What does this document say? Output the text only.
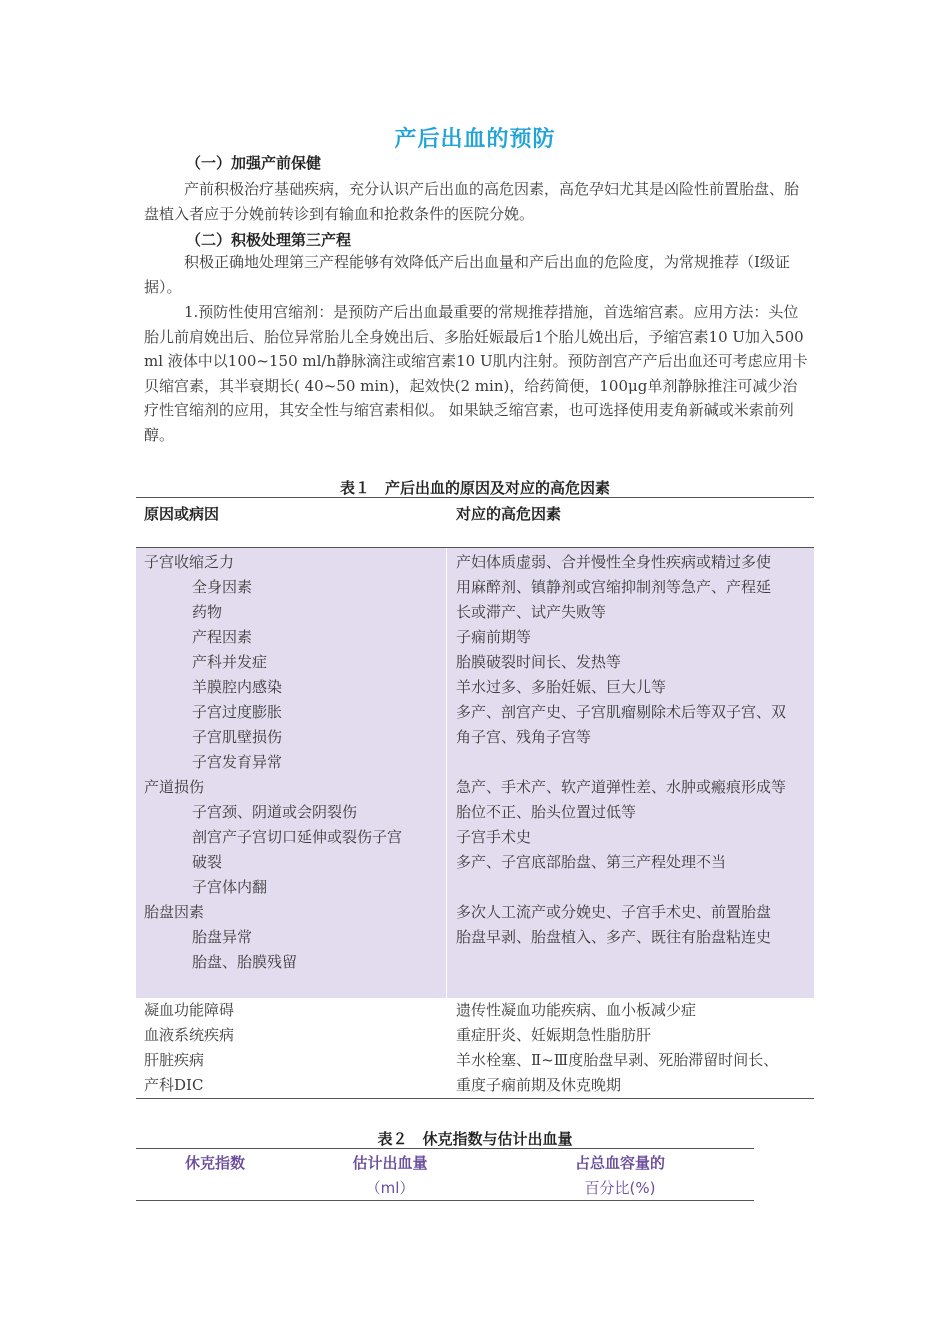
产后出血的预防
（一）加强产前保健
产前积极治疗基础疾病，充分认识产后出血的高危因素，高危孕妇尤其是凶险性前置胎盘、胎盘植入者应于分娩前转诊到有输血和抢救条件的医院分娩。
（二）积极处理第三产程
积极正确地处理第三产程能够有效降低产后出血量和产后出血的危险度，为常规推荐（Ⅰ级证据）。
1.预防性使用宫缩剂：是预防产后出血最重要的常规推荐措施，首选缩宫素。应用方法：头位胎儿前肩娩出后、胎位异常胎儿全身娩出后、多胎妊娠最后1个胎儿娩出后，予缩宫素10 U加入500 ml 液体中以100~150 ml/h静脉滴注或缩宫素10 U肌内注射。预防剖宫产产后出血还可考虑应用卡贝缩宫素，其半衰期长( 40~50 min)，起效快(2 min)，给药简便，100μg单剂静脉推注可减少治疗性官缩剂的应用，其安全性与缩宫素相似。 如果缺乏缩宫素，也可选择使用麦角新碱或米索前列醇。
表１　产后出血的原因及对应的高危因素
原因或病因	对应的高危因素
子宫收缩乏力
全身因素
药物
产程因素
产科并发症
羊膜腔内感染
子宫过度膨胀
子宫肌壁损伤
子宫发育异常
产道损伤
子宫颈、阴道或会阴裂伤
剖宫产子宫切口延伸或裂伤子宫
破裂
子宫体内翻
胎盘因素
胎盘异常
胎盘、胎膜残留
产妇体质虚弱、合并慢性全身性疾病或精过多使
用麻醉剂、镇静剂或宫缩抑制剂等急产、产程延
长或滞产、试产失败等
子痫前期等
胎膜破裂时间长、发热等
羊水过多、多胎妊娠、巨大儿等
多产、剖宫产史、子宫肌瘤剔除术后等双子宫、双
角子宫、残角子宫等

急产、手术产、软产道弹性差、水肿或瘢痕形成等
胎位不正、胎头位置过低等
子宫手术史
多产、子宫底部胎盘、第三产程处理不当

多次人工流产或分娩史、子宫手术史、前置胎盘
胎盘早剥、胎盘植入、多产、既往有胎盘粘连史
凝血功能障碍
血液系统疾病
肝脏疾病
产科DIC
遗传性凝血功能疾病、血小板减少症
重症肝炎、妊娠期急性脂肪肝
羊水栓塞、Ⅱ~Ⅲ度胎盘早剥、死胎滞留时间长、
重度子痫前期及休克晚期
表２　休克指数与估计出血量
休克指数	估计出血量
（ml）
占总血容量的
百分比(%)
